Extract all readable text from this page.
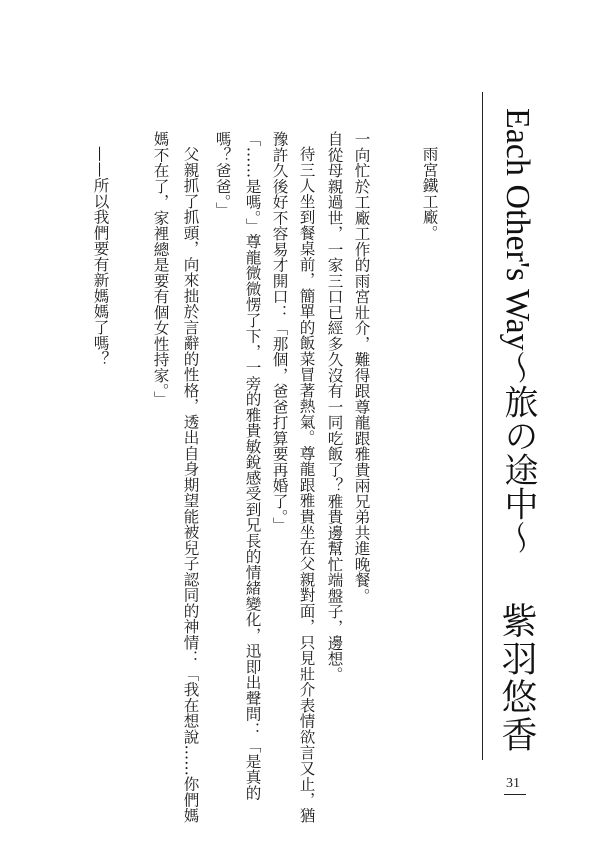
Each Other's Way～旅の途中～
紫羽悠香
雨宮鐵工廠。
一向忙於工廠工作的雨宮壯介，難得跟尊龍跟雅貴兩兄弟共進晚餐。
自從母親過世，一家三口已經多久沒有一同吃飯了？雅貴邊幫忙端盤子，邊想。
待三人坐到餐桌前，簡單的飯菜冒著熱氣。尊龍跟雅貴坐在父親對面，只見壯介表情欲言又止，猶
豫許久後好不容易才開口：「那個，爸爸打算要再婚了。」
「……是嗎。」尊龍微微愣了下，一旁的雅貴敏銳感受到兄長的情緒變化，迅即出聲問：「是真的
嗎？爸爸。」
父親抓了抓頭，向來拙於言辭的性格，透出自身期望能被兒子認同的神情：「我在想說……你們媽
媽不在了，家裡總是要有個女性持家。」
——所以我們要有新媽媽了嗎？
31
